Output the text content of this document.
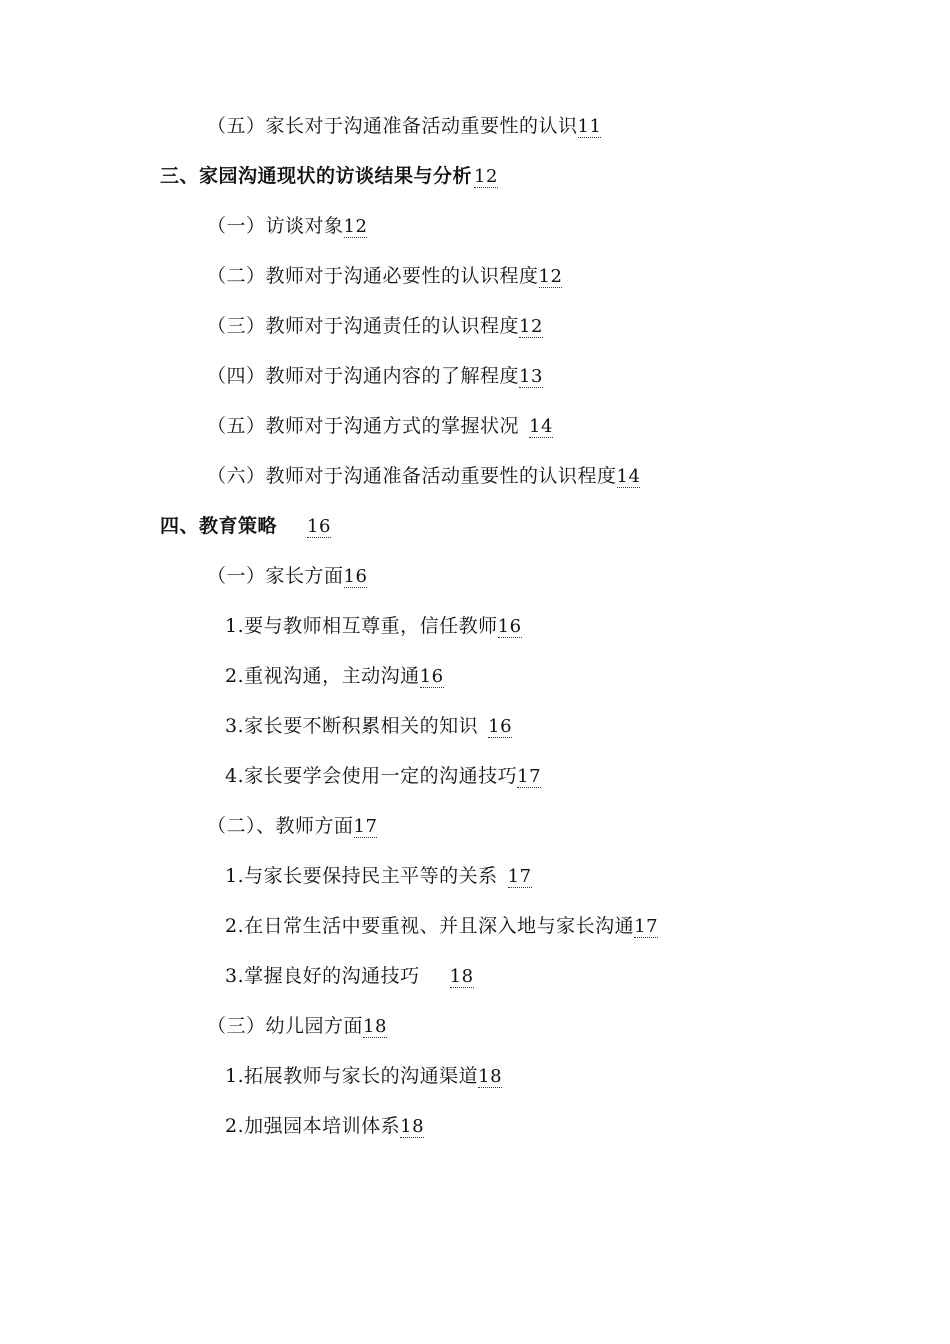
（五）家长对于沟通准备活动重要性的认识11
三、家园沟通现状的访谈结果与分析 12
（一）访谈对象12
（二）教师对于沟通必要性的认识程度12
（三）教师对于沟通责任的认识程度12
（四）教师对于沟通内容的了解程度13
（五）教师对于沟通方式的掌握状况 14
（六）教师对于沟通准备活动重要性的认识程度14
四、教育策略 16
（一）家长方面16
1.要与教师相互尊重，信任教师16
2.重视沟通，主动沟通16
3.家长要不断积累相关的知识 16
4.家长要学会使用一定的沟通技巧17
（二）、教师方面17
1.与家长要保持民主平等的关系 17
2.在日常生活中要重视、并且深入地与家长沟通17
3.掌握良好的沟通技巧 18
（三）幼儿园方面18
1.拓展教师与家长的沟通渠道18
2.加强园本培训体系18
